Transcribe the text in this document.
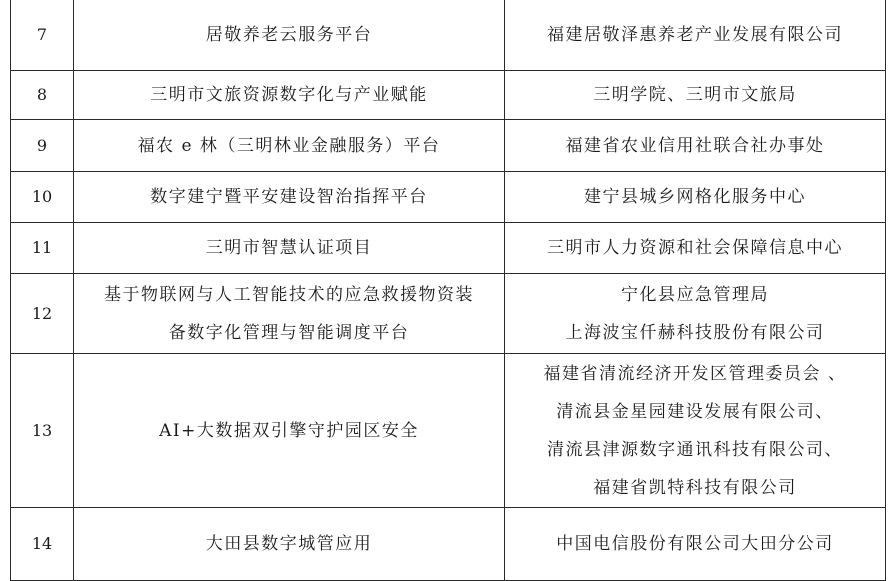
7	居敬养老云服务平台	福建居敬泽惠养老产业发展有限公司

8	三明市文旅资源数字化与产业赋能	三明学院、三明市文旅局

9	福农 e 林（三明林业金融服务）平台	福建省农业信用社联合社办事处

10	数字建宁暨平安建设智治指挥平台	建宁县城乡网格化服务中心

11	三明市智慧认证项目	三明市人力资源和社会保障信息中心

12	基于物联网与人工智能技术的应急救援物资装
备数字化管理与智能调度平台	宁化县应急管理局
上海波宝仟赫科技股份有限公司

13	AI+大数据双引擎守护园区安全	福建省清流经济开发区管理委员会 、
清流县金星园建设发展有限公司、
清流县津源数字通讯科技有限公司、
福建省凯特科技有限公司

14	大田县数字城管应用	中国电信股份有限公司大田分公司
